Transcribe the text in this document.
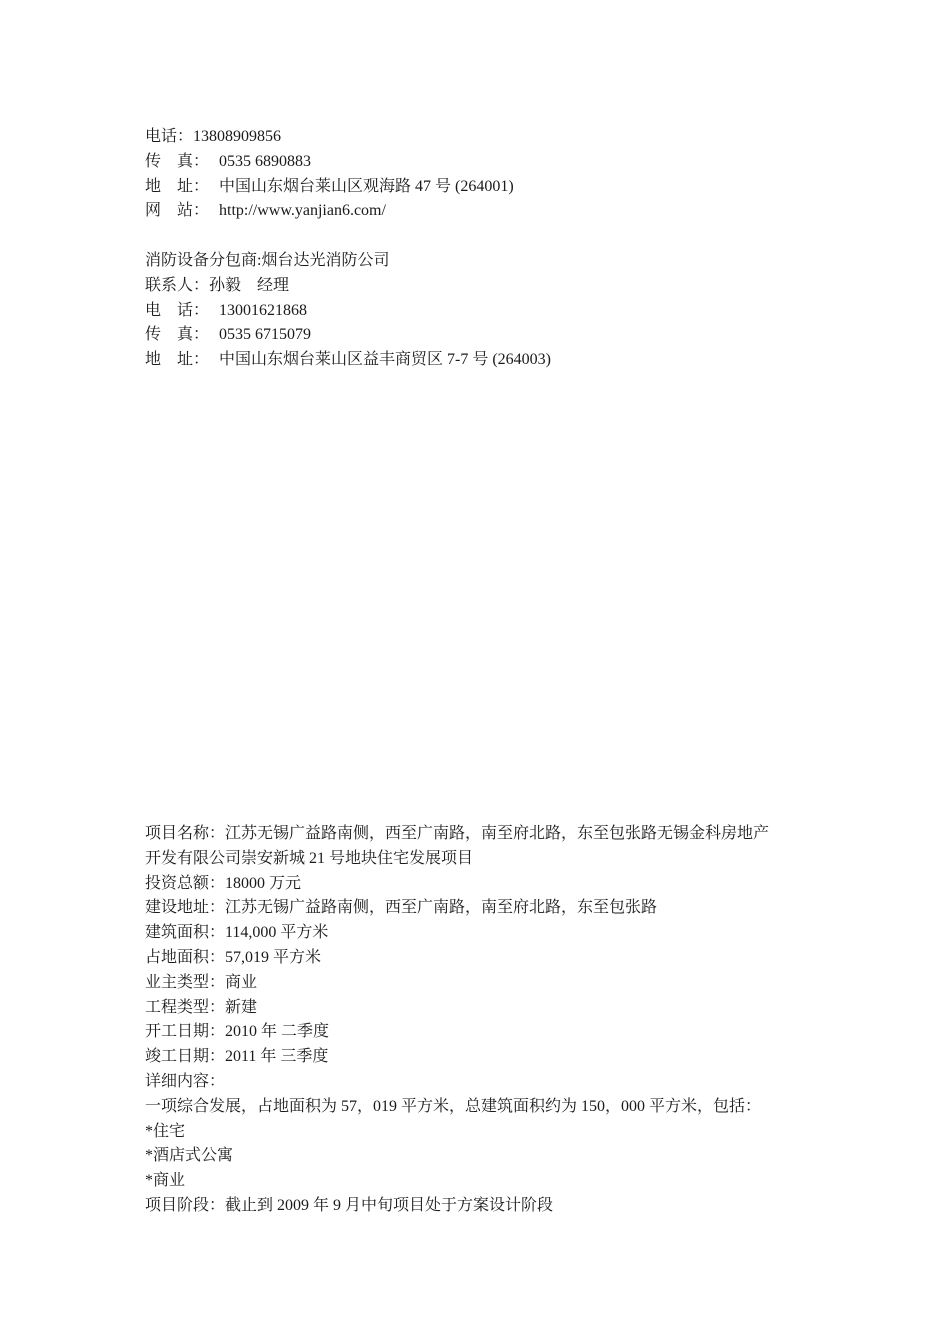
电话：13808909856
传　真： 0535 6890883
地　址： 中国山东烟台莱山区观海路 47 号 (264001)
网　站： http://www.yanjian6.com/
消防设备分包商:烟台达光消防公司
联系人：孙毅　经理
电　话： 13001621868
传　真： 0535 6715079
地　址： 中国山东烟台莱山区益丰商贸区 7-7 号 (264003)
项目名称：江苏无锡广益路南侧，西至广南路，南至府北路，东至包张路无锡金科房地产
开发有限公司崇安新城 21 号地块住宅发展项目
投资总额：18000 万元
建设地址：江苏无锡广益路南侧，西至广南路，南至府北路，东至包张路
建筑面积：114,000 平方米
占地面积：57,019 平方米
业主类型：商业
工程类型：新建
开工日期：2010 年 二季度
竣工日期：2011 年 三季度
详细内容：
一项综合发展，占地面积为 57，019 平方米，总建筑面积约为 150，000 平方米，包括：
*住宅
*酒店式公寓
*商业
项目阶段：截止到 2009 年 9 月中旬项目处于方案设计阶段
